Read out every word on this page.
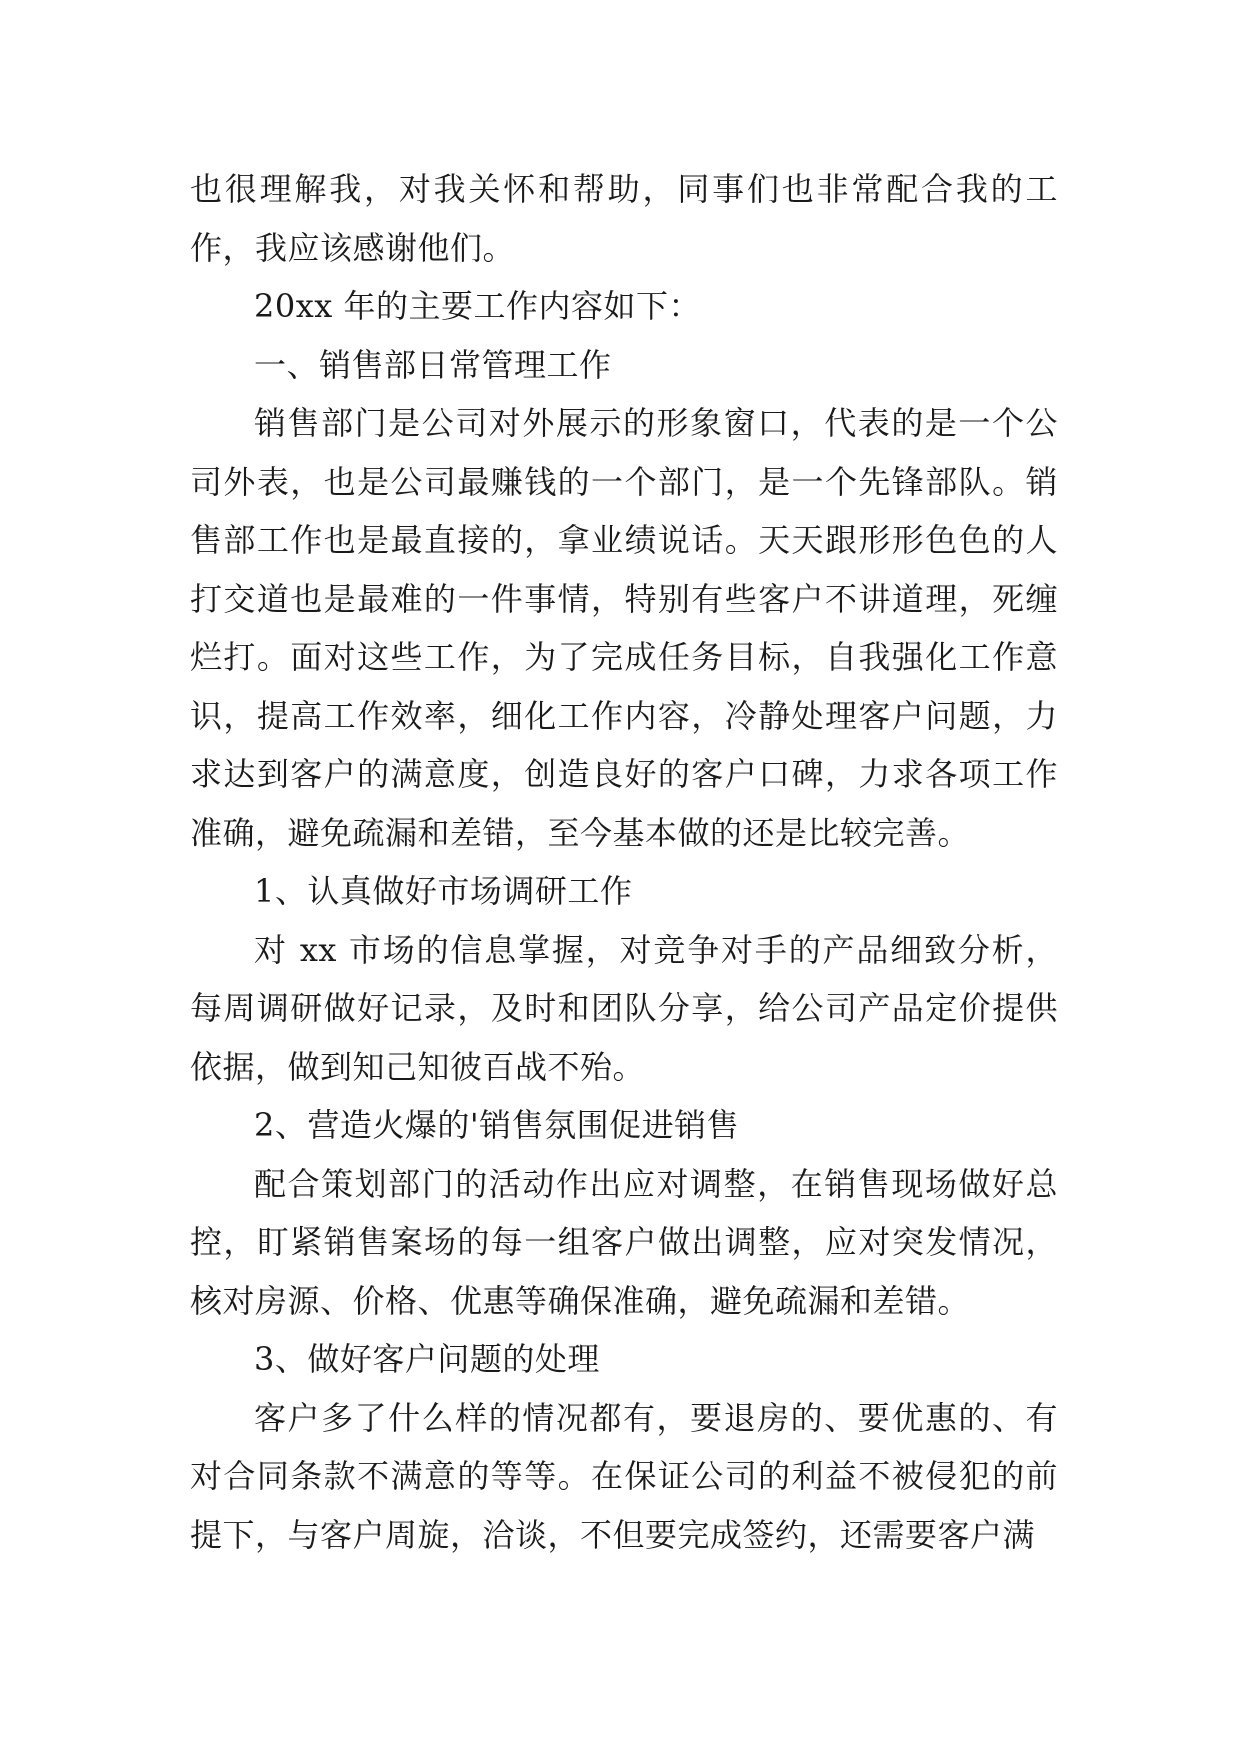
也很理解我，对我关怀和帮助，同事们也非常配合我的工作，我应该感谢他们。

20xx 年的主要工作内容如下：

一、销售部日常管理工作

销售部门是公司对外展示的形象窗口，代表的是一个公司外表，也是公司最赚钱的一个部门，是一个先锋部队。销售部工作也是最直接的，拿业绩说话。天天跟形形色色的人打交道也是最难的一件事情，特别有些客户不讲道理，死缠烂打。面对这些工作，为了完成任务目标，自我强化工作意识，提高工作效率，细化工作内容，冷静处理客户问题，力求达到客户的满意度，创造良好的客户口碑，力求各项工作准确，避免疏漏和差错，至今基本做的还是比较完善。

1、认真做好市场调研工作

对 xx 市场的信息掌握，对竞争对手的产品细致分析，每周调研做好记录，及时和团队分享，给公司产品定价提供依据，做到知己知彼百战不殆。

2、营造火爆的'销售氛围促进销售

配合策划部门的活动作出应对调整，在销售现场做好总控，盯紧销售案场的每一组客户做出调整，应对突发情况，核对房源、价格、优惠等确保准确，避免疏漏和差错。

3、做好客户问题的处理

客户多了什么样的情况都有，要退房的、要优惠的、有对合同条款不满意的等等。在保证公司的利益不被侵犯的前提下，与客户周旋，洽谈，不但要完成签约，还需要客户满
